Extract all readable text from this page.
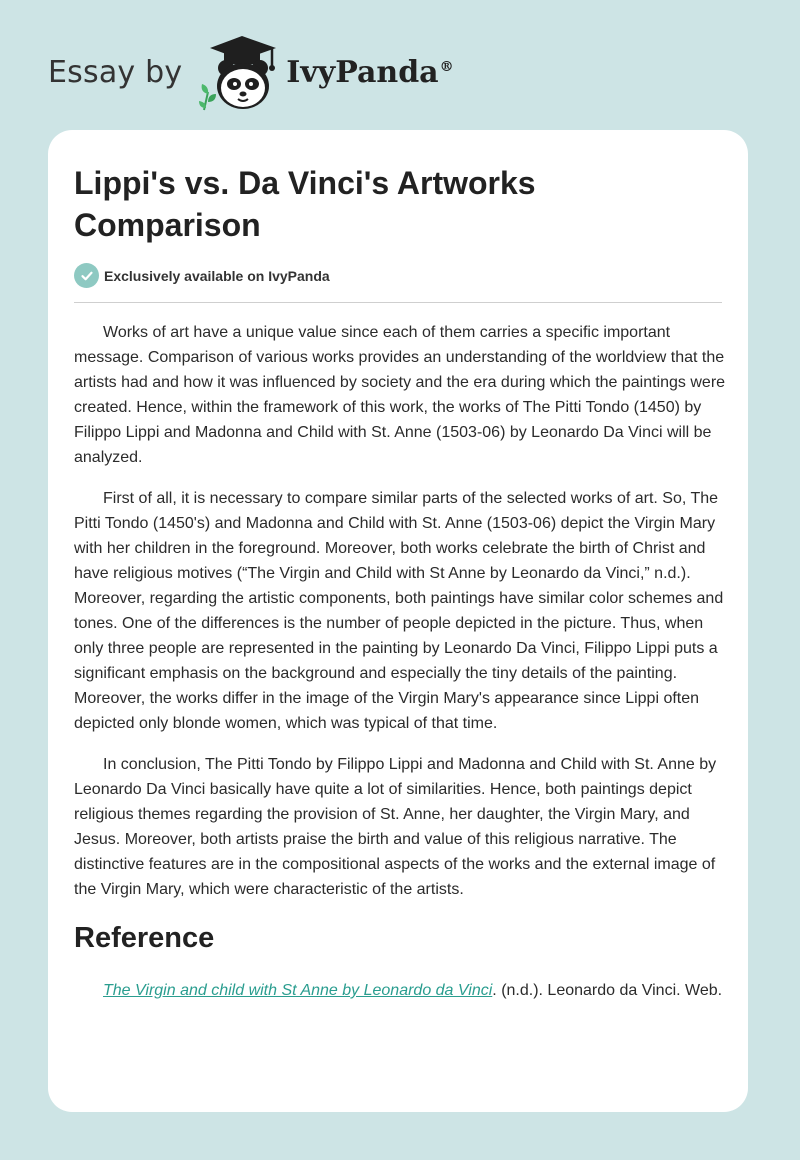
Essay by	IvyPanda®
Lippi's vs. Da Vinci's Artworks Comparison
Exclusively available on IvyPanda

Works of art have a unique value since each of them carries a specific important message. Comparison of various works provides an understanding of the worldview that the artists had and how it was influenced by society and the era during which the paintings were created. Hence, within the framework of this work, the works of The Pitti Tondo (1450) by Filippo Lippi and Madonna and Child with St. Anne (1503-06) by Leonardo Da Vinci will be analyzed.

First of all, it is necessary to compare similar parts of the selected works of art. So, The Pitti Tondo (1450's) and Madonna and Child with St. Anne (1503-06) depict the Virgin Mary with her children in the foreground. Moreover, both works celebrate the birth of Christ and have religious motives (“The Virgin and Child with St Anne by Leonardo da Vinci,” n.d.). Moreover, regarding the artistic components, both paintings have similar color schemes and tones. One of the differences is the number of people depicted in the picture. Thus, when only three people are represented in the painting by Leonardo Da Vinci, Filippo Lippi puts a significant emphasis on the background and especially the tiny details of the painting. Moreover, the works differ in the image of the Virgin Mary's appearance since Lippi often depicted only blonde women, which was typical of that time.

In conclusion, The Pitti Tondo by Filippo Lippi and Madonna and Child with St. Anne by Leonardo Da Vinci basically have quite a lot of similarities. Hence, both paintings depict religious themes regarding the provision of St. Anne, her daughter, the Virgin Mary, and Jesus. Moreover, both artists praise the birth and value of this religious narrative. The distinctive features are in the compositional aspects of the works and the external image of the Virgin Mary, which were characteristic of the artists.

Reference

The Virgin and child with St Anne by Leonardo da Vinci. (n.d.). Leonardo da Vinci. Web.
